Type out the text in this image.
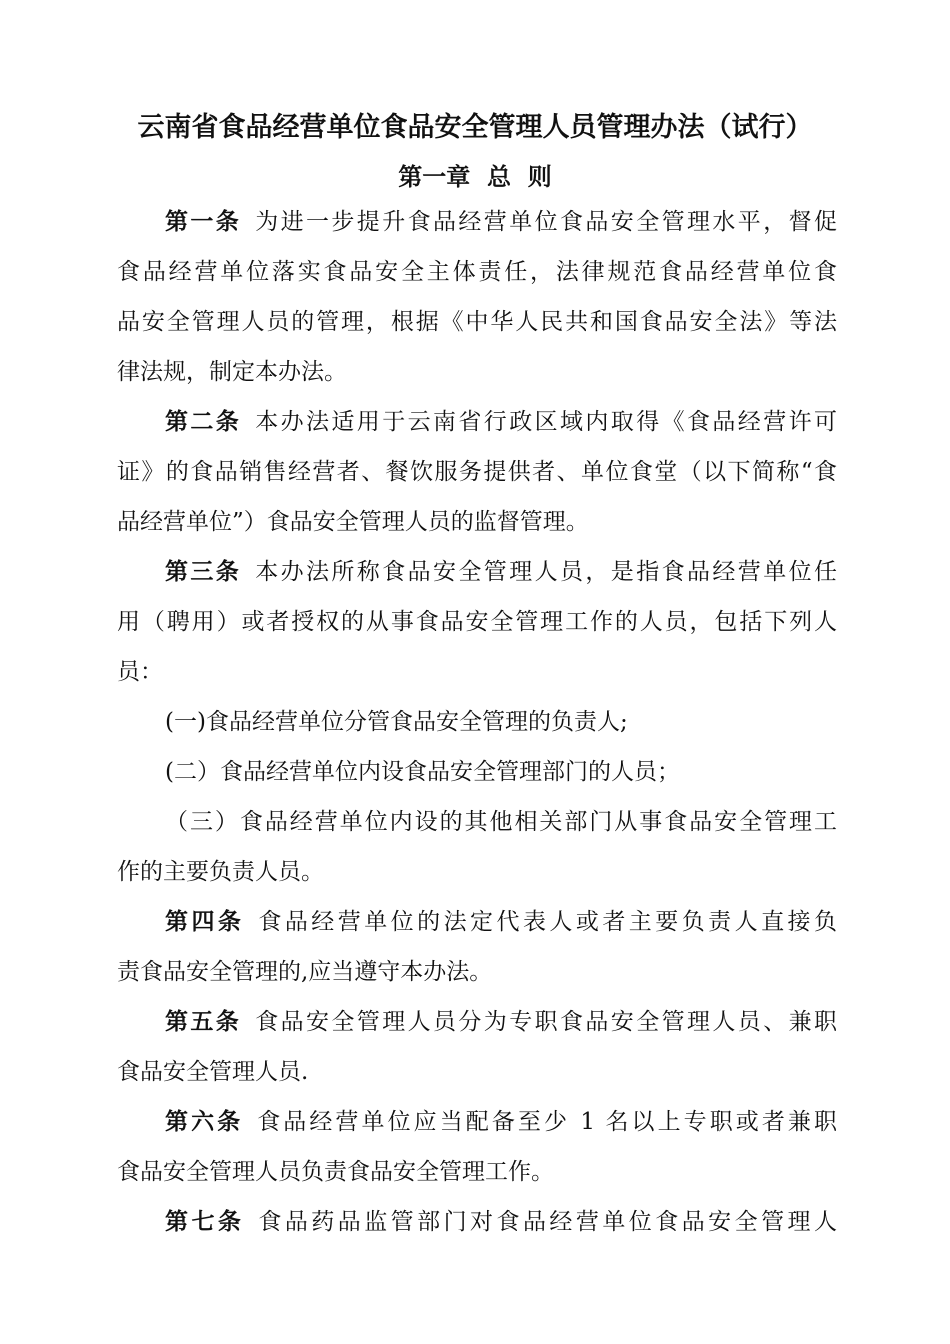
云南省食品经营单位食品安全管理人员管理办法（试行）
第一章  总  则
第一条 为进一步提升食品经营单位食品安全管理水平，督促
食品经营单位落实食品安全主体责任，法律规范食品经营单位食
品安全管理人员的管理，根据《中华人民共和国食品安全法》等法
律法规，制定本办法。
第二条 本办法适用于云南省行政区域内取得《食品经营许可
证》的食品销售经营者、餐饮服务提供者、单位食堂（以下简称“食
品经营单位”）食品安全管理人员的监督管理。
第三条 本办法所称食品安全管理人员，是指食品经营单位任
用（聘用）或者授权的从事食品安全管理工作的人员，包括下列人
员：
(一)食品经营单位分管食品安全管理的负责人;
(二）食品经营单位内设食品安全管理部门的人员；
（三）食品经营单位内设的其他相关部门从事食品安全管理工
作的主要负责人员。
第四条 食品经营单位的法定代表人或者主要负责人直接负
责食品安全管理的,应当遵守本办法。
第五条 食品安全管理人员分为专职食品安全管理人员、兼职
食品安全管理人员.
第六条 食品经营单位应当配备至少 1 名以上专职或者兼职
食品安全管理人员负责食品安全管理工作。
第七条 食品药品监管部门对食品经营单位食品安全管理人
